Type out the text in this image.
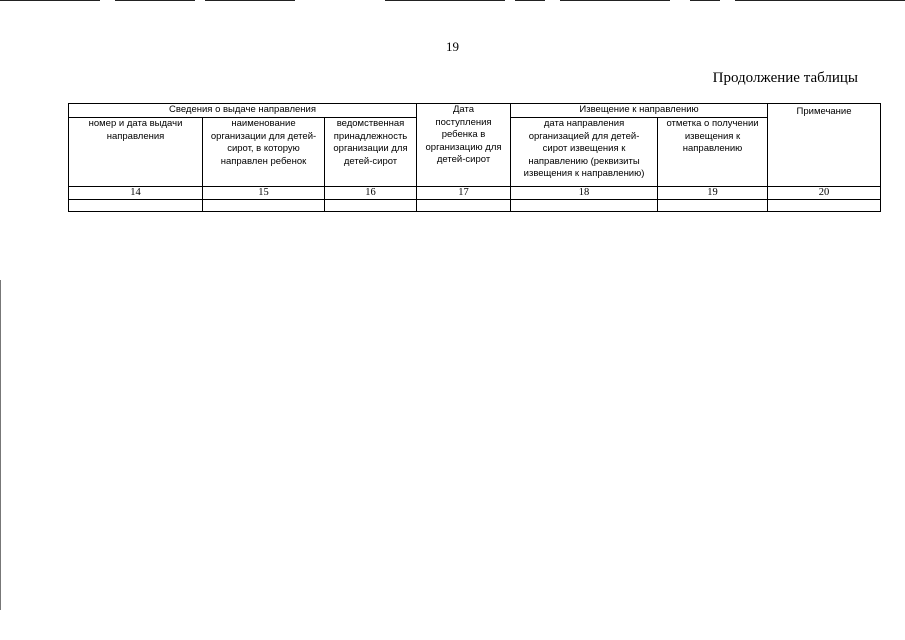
19
Продолжение таблицы
Сведения о выдаче направления			Дата
поступления
ребенка в
организацию для
детей-сирот	Извещение к направлению		Примечание

номер и дата выдачи
направления	наименование
организации для детей-
сирот, в которую
направлен ребенок	ведомственная
принадлежность
организации для
детей-сирот		дата направления
организацией для детей-
сирот извещения к
направлению (реквизиты
извещения к направлению)	отметка о получении
извещения к
направлению	

14	15	16	17	18	19	20
